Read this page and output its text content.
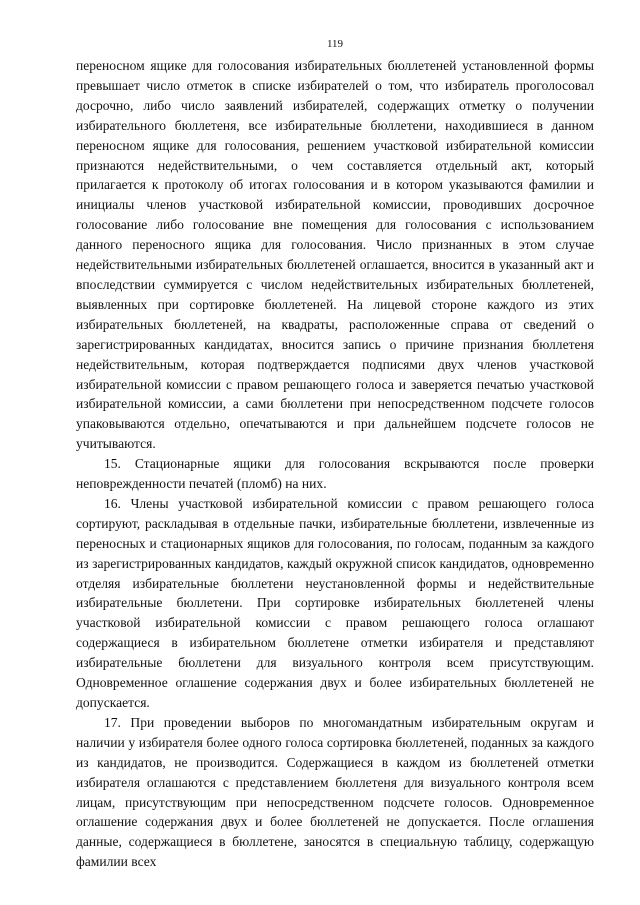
119

переносном ящике для голосования избирательных бюллетеней установленной формы превышает число отметок в списке избирателей о том, что избиратель проголосовал досрочно, либо число заявлений избирателей, содержащих отметку о получении избирательного бюллетеня, все избирательные бюллетени, находившиеся в данном переносном ящике для голосования, решением участковой избирательной комиссии признаются недействительными, о чем составляется отдельный акт, который прилагается к протоколу об итогах голосования и в котором указываются фамилии и инициалы членов участковой избирательной комиссии, проводивших досрочное голосование либо голосование вне помещения для голосования с использованием данного переносного ящика для голосования. Число признанных в этом случае недействительными избирательных бюллетеней оглашается, вносится в указанный акт и впоследствии суммируется с числом недействительных избирательных бюллетеней, выявленных при сортировке бюллетеней. На лицевой стороне каждого из этих избирательных бюллетеней, на квадраты, расположенные справа от сведений о зарегистрированных кандидатах, вносится запись о причине признания бюллетеня недействительным, которая подтверждается подписями двух членов участковой избирательной комиссии с правом решающего голоса и заверяется печатью участковой избирательной комиссии, а сами бюллетени при непосредственном подсчете голосов упаковываются отдельно, опечатываются и при дальнейшем подсчете голосов не учитываются.

15. Стационарные ящики для голосования вскрываются после проверки неповрежденности печатей (пломб) на них.

16. Члены участковой избирательной комиссии с правом решающего голоса сортируют, раскладывая в отдельные пачки, избирательные бюллетени, извлеченные из переносных и стационарных ящиков для голосования, по голосам, поданным за каждого из зарегистрированных кандидатов, каждый окружной список кандидатов, одновременно отделяя избирательные бюллетени неустановленной формы и недействительные избирательные бюллетени. При сортировке избирательных бюллетеней члены участковой избирательной комиссии с правом решающего голоса оглашают содержащиеся в избирательном бюллетене отметки избирателя и представляют избирательные бюллетени для визуального контроля всем присутствующим. Одновременное оглашение содержания двух и более избирательных бюллетеней не допускается.

17. При проведении выборов по многомандатным избирательным округам и наличии у избирателя более одного голоса сортировка бюллетеней, поданных за каждого из кандидатов, не производится. Содержащиеся в каждом из бюллетеней отметки избирателя оглашаются с представлением бюллетеня для визуального контроля всем лицам, присутствующим при непосредственном подсчете голосов. Одновременное оглашение содержания двух и более бюллетеней не допускается. После оглашения данные, содержащиеся в бюллетене, заносятся в специальную таблицу, содержащую фамилии всех
